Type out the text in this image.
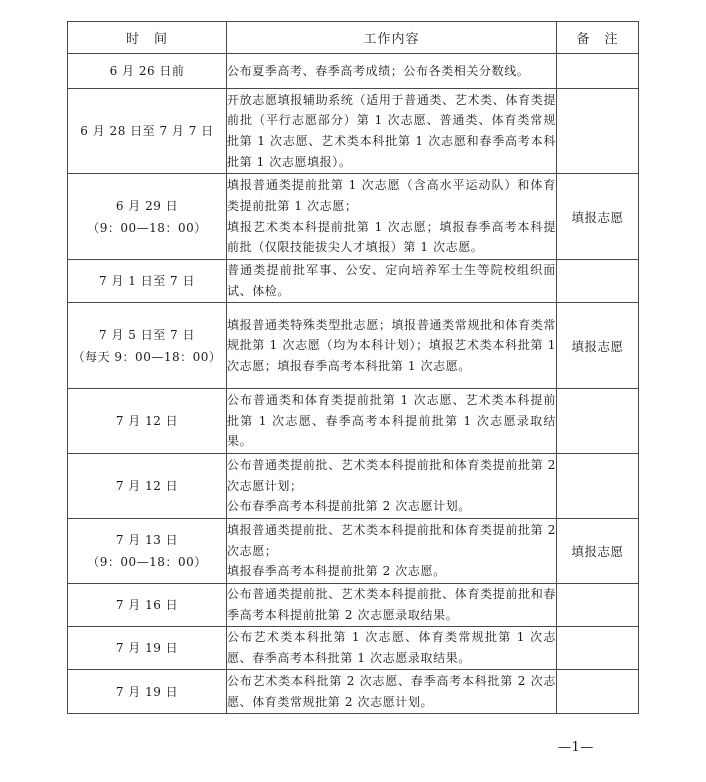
时　间	工作内容	备　注

6 月 26 日前	公布夏季高考、春季高考成绩；公布各类相关分数线。	

6 月 28 日至 7 月 7 日	开放志愿填报辅助系统（适用于普通类、艺术类、体育类提前批（平行志愿部分）第 1 次志愿、普通类、体育类常规批第 1 次志愿、艺术类本科批第 1 次志愿和春季高考本科批第 1 次志愿填报）。	

6 月 29 日
（9：00—18：00）	填报普通类提前批第 1 次志愿（含高水平运动队）和体育类提前批第 1 次志愿；
填报艺术类本科提前批第 1 次志愿；填报春季高考本科提前批（仅限技能拔尖人才填报）第 1 次志愿。	填报志愿

7 月 1 日至 7 日	普通类提前批军事、公安、定向培养军士生等院校组织面试、体检。	

7 月 5 日至 7 日
（每天 9：00—18：00）	填报普通类特殊类型批志愿；填报普通类常规批和体育类常规批第 1 次志愿（均为本科计划）；填报艺术类本科批第 1 次志愿；填报春季高考本科批第 1 次志愿。	填报志愿

7 月 12 日	公布普通类和体育类提前批第 1 次志愿、艺术类本科提前批第 1 次志愿、春季高考本科提前批第 1 次志愿录取结果。	

7 月 12 日	公布普通类提前批、艺术类本科提前批和体育类提前批第 2 次志愿计划；
公布春季高考本科提前批第 2 次志愿计划。	

7 月 13 日
（9：00—18：00）	填报普通类提前批、艺术类本科提前批和体育类提前批第 2 次志愿；
填报春季高考本科提前批第 2 次志愿。	填报志愿

7 月 16 日	公布普通类提前批、艺术类本科提前批、体育类提前批和春季高考本科提前批第 2 次志愿录取结果。	

7 月 19 日	公布艺术类本科批第 1 次志愿、体育类常规批第 1 次志愿、春季高考本科批第 1 次志愿录取结果。	

7 月 19 日	公布艺术类本科批第 2 次志愿、春季高考本科批第 2 次志愿、体育类常规批第 2 次志愿计划。	

—1—
